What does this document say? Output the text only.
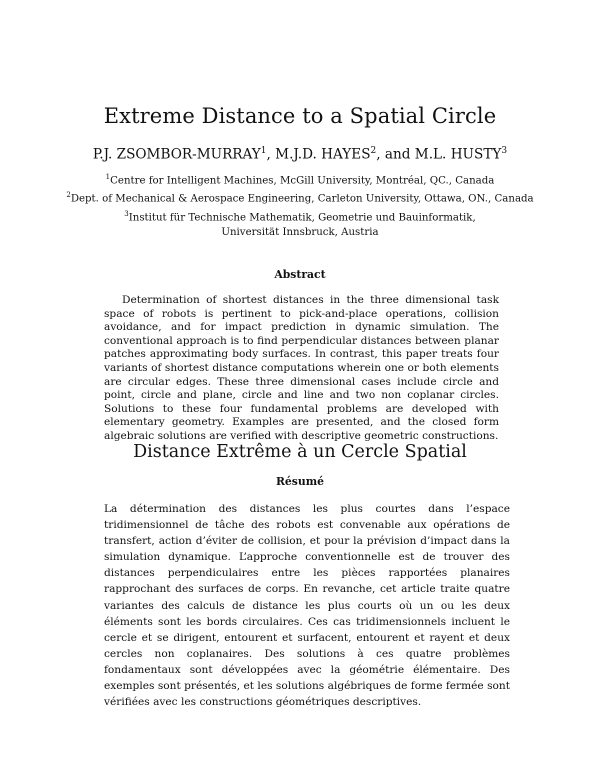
Extreme Distance to a Spatial Circle
P.J. ZSOMBOR-MURRAY$^1$, M.J.D. HAYES$^2$, and M.L. HUSTY$^3$
$^1$Centre for Intelligent Machines, McGill University, Montréal, QC., Canada
$^2$Dept. of Mechanical & Aerospace Engineering, Carleton University, Ottawa, ON., Canada
$^3$Institut für Technische Mathematik, Geometrie und Bauinformatik,
Universität Innsbruck, Austria
Abstract
Determination of shortest distances in the three dimensional task space of robots is pertinent to pick-and-place operations, collision avoidance, and for impact prediction in dynamic simulation. The conventional approach is to find perpendicular distances between planar patches approximating body surfaces. In contrast, this paper treats four variants of shortest distance computations wherein one or both elements are circular edges. These three dimensional cases include circle and point, circle and plane, circle and line and two non coplanar circles. Solutions to these four fundamental problems are developed with elementary geometry. Examples are presented, and the closed form algebraic solutions are verified with descriptive geometric constructions.
Distance Extrême à un Cercle Spatial
Résumé
La détermination des distances les plus courtes dans l’espace tridimensionnel de tâche des robots est convenable aux opérations de transfert, action d’éviter de collision, et pour la prévision d’impact dans la simulation dynamique. L’approche conventionnelle est de trouver des distances perpendiculaires entre les pièces rapportées planaires rapprochant des surfaces de corps. En revanche, cet article traite quatre variantes des calculs de distance les plus courts où un ou les deux éléments sont les bords circulaires. Ces cas tridimensionnels incluent le cercle et se dirigent, entourent et surfacent, entourent et rayent et deux cercles non coplanaires. Des solutions à ces quatre problèmes fondamentaux sont développées avec la géométrie élémentaire. Des exemples sont présentés, et les solutions algébriques de forme fermée sont vérifiées avec les constructions géométriques descriptives.
